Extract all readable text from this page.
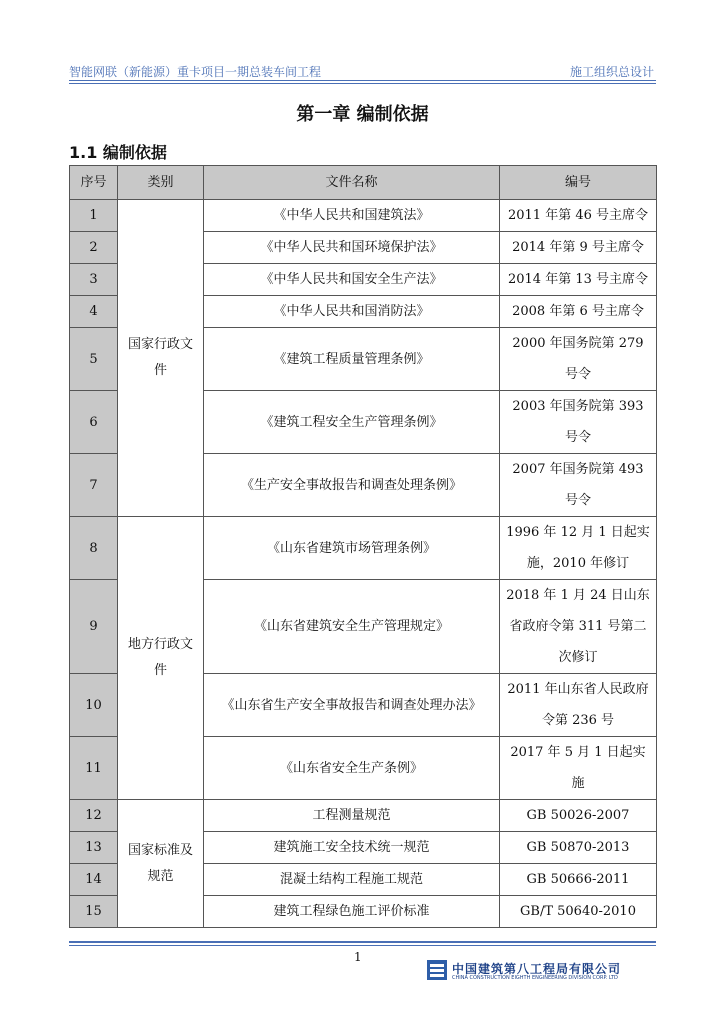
智能网联（新能源）重卡项目一期总装车间工程	施工组织总设计
第一章 编制依据
1.1 编制依据
序号	类别	文件名称	编号
1	国家行政文件	《中华人民共和国建筑法》	2011 年第 46 号主席令
2		《中华人民共和国环境保护法》	2014 年第 9 号主席令
3		《中华人民共和国安全生产法》	2014 年第 13 号主席令
4		《中华人民共和国消防法》	2008 年第 6 号主席令
5		《建筑工程质量管理条例》	2000 年国务院第 279 号令
6		《建筑工程安全生产管理条例》	2003 年国务院第 393 号令
7		《生产安全事故报告和调查处理条例》	2007 年国务院第 493 号令
8	地方行政文件	《山东省建筑市场管理条例》	1996 年 12 月 1 日起实施，2010 年修订
9		《山东省建筑安全生产管理规定》	2018 年 1 月 24 日山东省政府令第 311 号第二次修订
10		《山东省生产安全事故报告和调查处理办法》	2011 年山东省人民政府令第 236 号
11		《山东省安全生产条例》	2017 年 5 月 1 日起实施
12	国家标准及规范	工程测量规范	GB 50026-2007
13		建筑施工安全技术统一规范	GB 50870-2013
14		混凝土结构工程施工规范	GB 50666-2011
15		建筑工程绿色施工评价标准	GB/T 50640-2010
1
中国建筑第八工程局有限公司
CHINA CONSTRUCTION EIGHTH ENGINEERING DIVISION CORP. LTD
